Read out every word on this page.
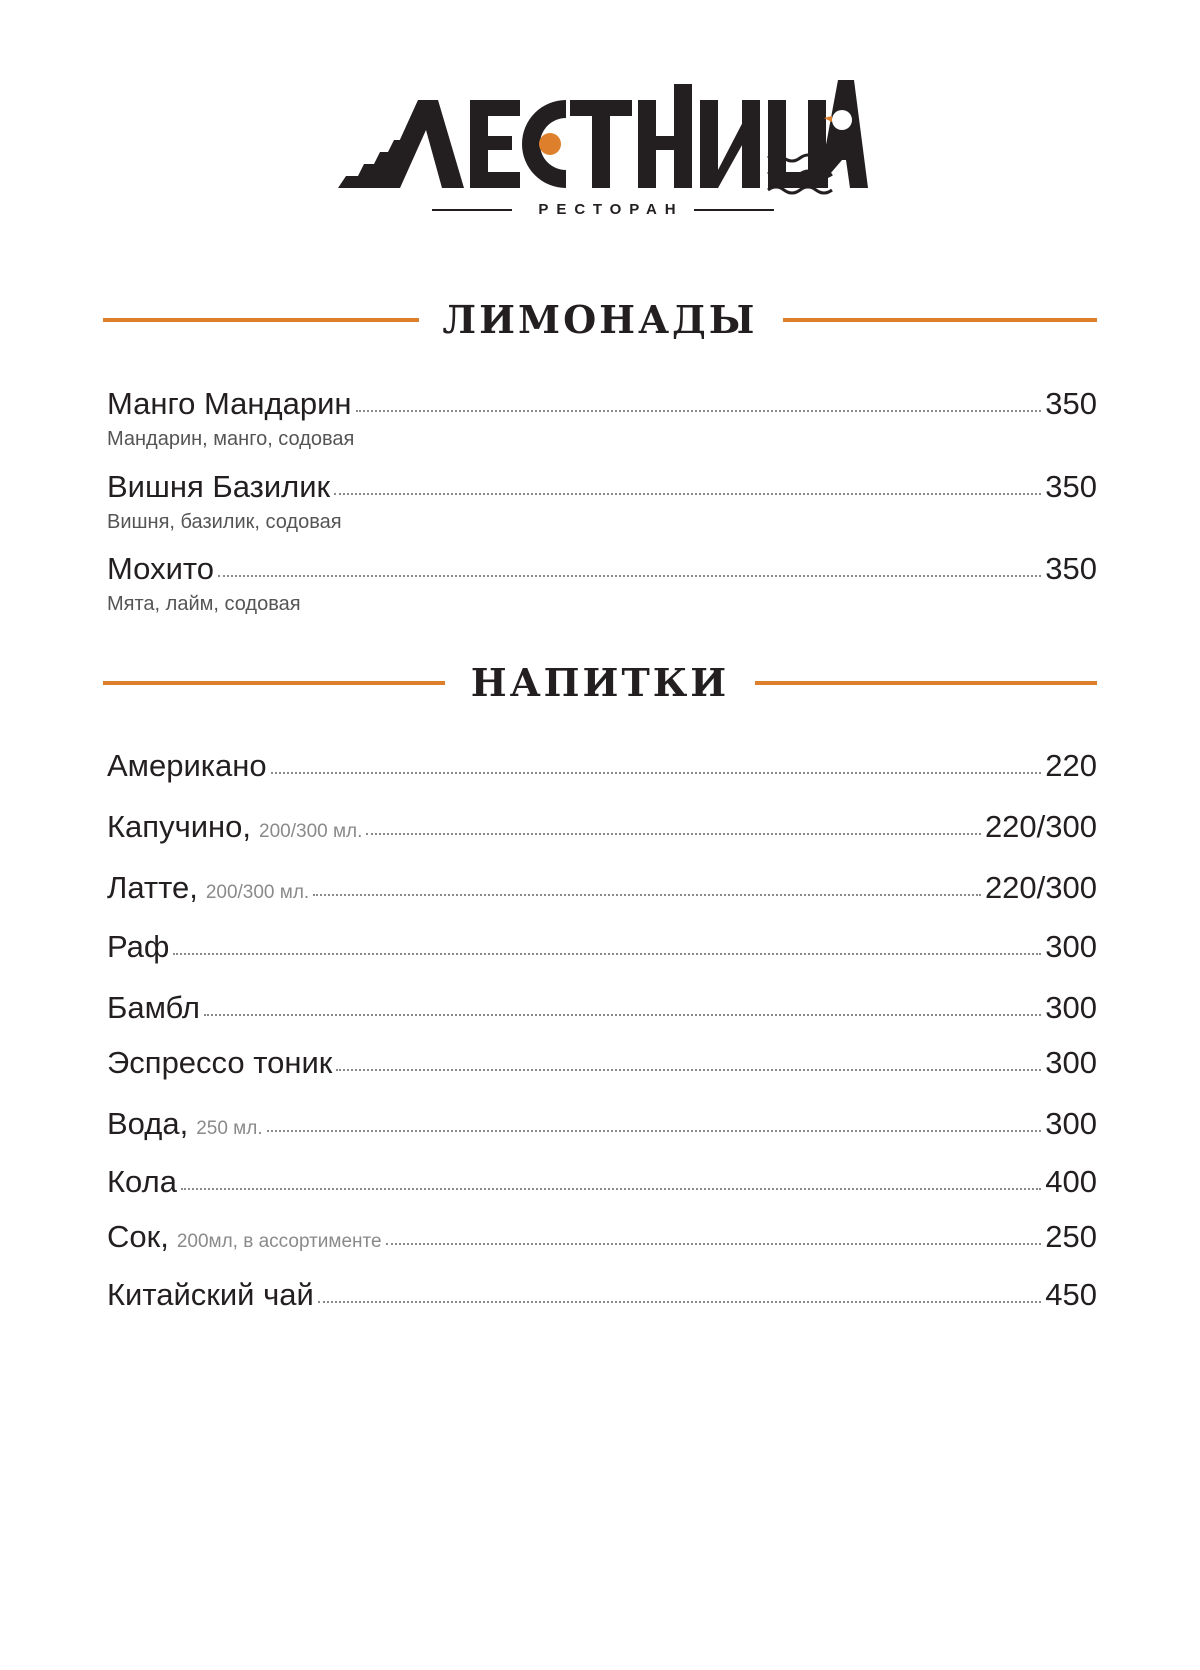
РЕСТОРАН
ЛИМОНАДЫ
Манго Мандарин	350
Мандарин, манго, содовая
Вишня Базилик	350
Вишня, базилик, содовая
Мохито	350
Мята, лайм, содовая
НАПИТКИ
Американо	220
Капучино, 200/300 мл.	220/300
Латте, 200/300 мл.	220/300
Раф	300
Бамбл	300
Эспрессо тоник	300
Вода, 250 мл.	300
Кола	400
Сок, 200мл, в ассортименте	250
Китайский чай	450
